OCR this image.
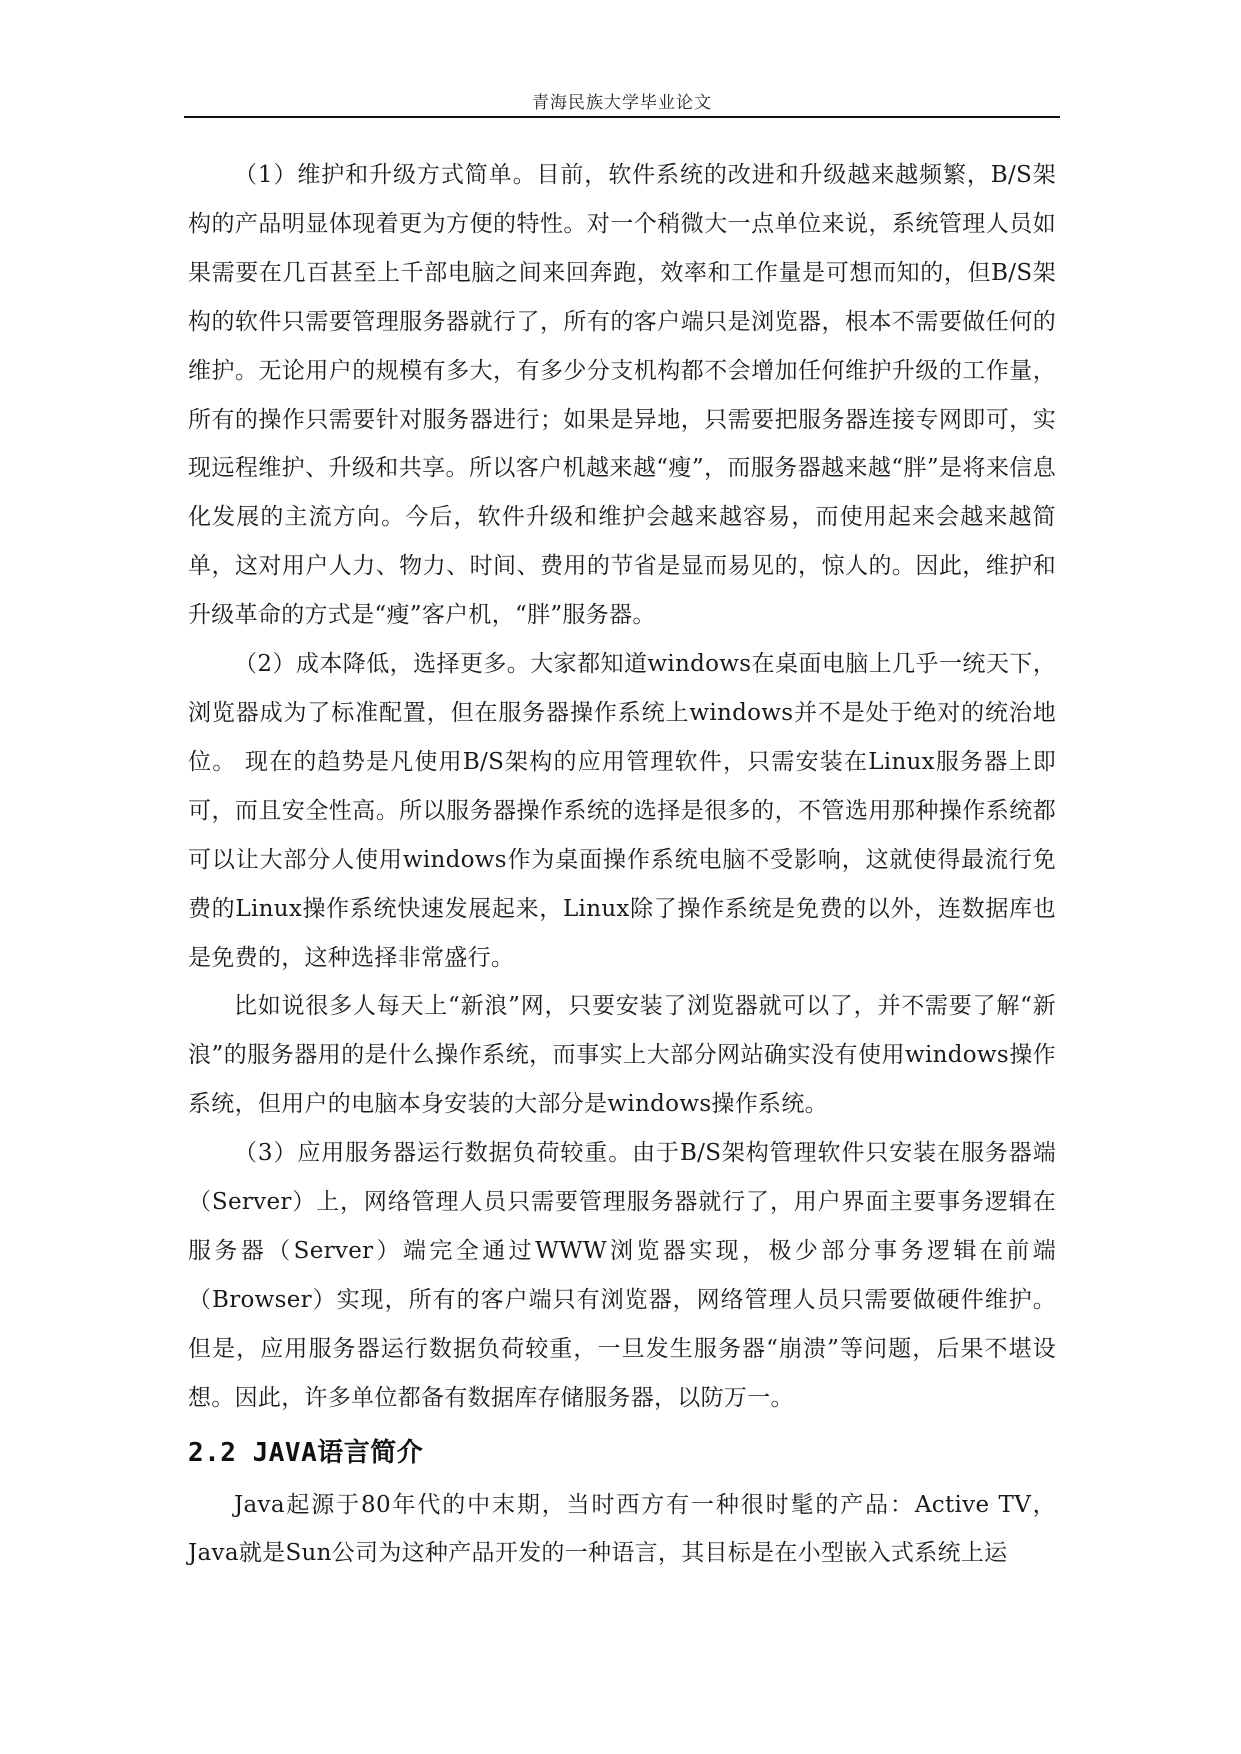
青海民族大学毕业论文

（1）维护和升级方式简单。目前，软件系统的改进和升级越来越频繁，B/S架构的产品明显体现着更为方便的特性。对一个稍微大一点单位来说，系统管理人员如果需要在几百甚至上千部电脑之间来回奔跑，效率和工作量是可想而知的，但B/S架构的软件只需要管理服务器就行了，所有的客户端只是浏览器，根本不需要做任何的维护。无论用户的规模有多大，有多少分支机构都不会增加任何维护升级的工作量，所有的操作只需要针对服务器进行；如果是异地，只需要把服务器连接专网即可，实现远程维护、升级和共享。所以客户机越来越“瘦”，而服务器越来越“胖”是将来信息化发展的主流方向。今后，软件升级和维护会越来越容易，而使用起来会越来越简单，这对用户人力、物力、时间、费用的节省是显而易见的，惊人的。因此，维护和升级革命的方式是“瘦”客户机，“胖”服务器。

（2）成本降低，选择更多。大家都知道windows在桌面电脑上几乎一统天下，浏览器成为了标准配置，但在服务器操作系统上windows并不是处于绝对的统治地位。 现在的趋势是凡使用B/S架构的应用管理软件，只需安装在Linux服务器上即可，而且安全性高。所以服务器操作系统的选择是很多的，不管选用那种操作系统都可以让大部分人使用windows作为桌面操作系统电脑不受影响，这就使得最流行免费的Linux操作系统快速发展起来，Linux除了操作系统是免费的以外，连数据库也是免费的，这种选择非常盛行。

比如说很多人每天上“新浪”网，只要安装了浏览器就可以了，并不需要了解“新浪”的服务器用的是什么操作系统，而事实上大部分网站确实没有使用windows操作系统，但用户的电脑本身安装的大部分是windows操作系统。

（3）应用服务器运行数据负荷较重。由于B/S架构管理软件只安装在服务器端（Server）上，网络管理人员只需要管理服务器就行了，用户界面主要事务逻辑在服务器（Server）端完全通过WWW浏览器实现，极少部分事务逻辑在前端（Browser）实现，所有的客户端只有浏览器，网络管理人员只需要做硬件维护。但是，应用服务器运行数据负荷较重，一旦发生服务器“崩溃”等问题，后果不堪设想。因此，许多单位都备有数据库存储服务器，以防万一。

2.2 JAVA语言简介

Java起源于80年代的中末期，当时西方有一种很时髦的产品：Active TV，Java就是Sun公司为这种产品开发的一种语言，其目标是在小型嵌入式系统上运
